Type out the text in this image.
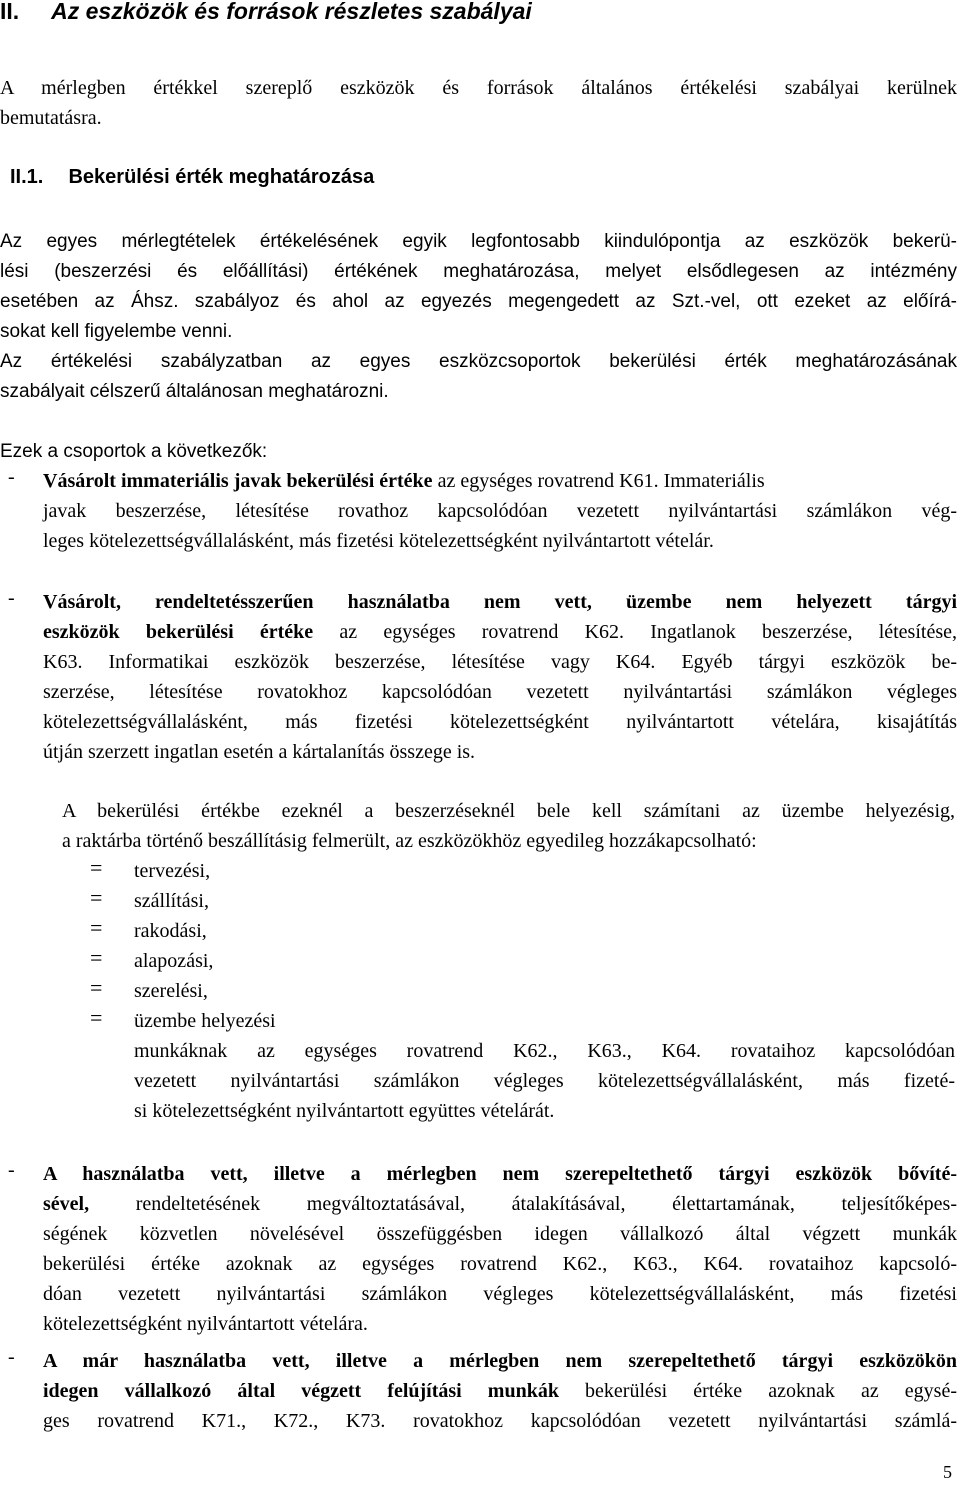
II. Az eszközök és források részletes szabályai
A mérlegben értékkel szereplő eszközök és források általános értékelési szabályai kerülnek
bemutatásra.
II.1. Bekerülési érték meghatározása
Az egyes mérlegtételek értékelésének egyik legfontosabb kiindulópontja az eszközök bekerü-
lési (beszerzési és előállítási) értékének meghatározása, melyet elsődlegesen az intézmény
esetében az Áhsz. szabályoz és ahol az egyezés megengedett az Szt.-vel, ott ezeket az előírá-
sokat kell figyelembe venni.
Az értékelési szabályzatban az egyes eszközcsoportok bekerülési érték meghatározásának
szabályait célszerű általánosan meghatározni.
Ezek a csoportok a következők:
- Vásárolt immateriális javak bekerülési értéke az egységes rovatrend K61. Immateriális
javak beszerzése, létesítése rovathoz kapcsolódóan vezetett nyilvántartási számlákon vég-
leges kötelezettségvállalásként, más fizetési kötelezettségként nyilvántartott vételár.
- Vásárolt, rendeltetésszerűen használatba nem vett, üzembe nem helyezett tárgyi
eszközök bekerülési értéke az egységes rovatrend K62. Ingatlanok beszerzése, létesítése,
K63. Informatikai eszközök beszerzése, létesítése vagy K64. Egyéb tárgyi eszközök be-
szerzése, létesítése rovatokhoz kapcsolódóan vezetett nyilvántartási számlákon végleges
kötelezettségvállalásként, más fizetési kötelezettségként nyilvántartott vételára, kisajátítás
útján szerzett ingatlan esetén a kártalanítás összege is.
A bekerülési értékbe ezeknél a beszerzéseknél bele kell számítani az üzembe helyezésig,
a raktárba történő beszállításig felmerült, az eszközökhöz egyedileg hozzákapcsolható:
= tervezési,
= szállítási,
= rakodási,
= alapozási,
= szerelési,
= üzembe helyezési
munkáknak az egységes rovatrend K62., K63., K64. rovataihoz kapcsolódóan
vezetett nyilvántartási számlákon végleges kötelezettségvállalásként, más fizeté-
si kötelezettségként nyilvántartott együttes vételárát.
- A használatba vett, illetve a mérlegben nem szerepeltethető tárgyi eszközök bővíté-
sével, rendeltetésének megváltoztatásával, átalakításával, élettartamának, teljesítőképes-
ségének közvetlen növelésével összefüggésben idegen vállalkozó által végzett munkák
bekerülési értéke azoknak az egységes rovatrend K62., K63., K64. rovataihoz kapcsoló-
dóan vezetett nyilvántartási számlákon végleges kötelezettségvállalásként, más fizetési
kötelezettségként nyilvántartott vételára.
- A már használatba vett, illetve a mérlegben nem szerepeltethető tárgyi eszközökön
idegen vállalkozó által végzett felújítási munkák bekerülési értéke azoknak az egysé-
ges rovatrend K71., K72., K73. rovatokhoz kapcsolódóan vezetett nyilvántartási számlá-
5
